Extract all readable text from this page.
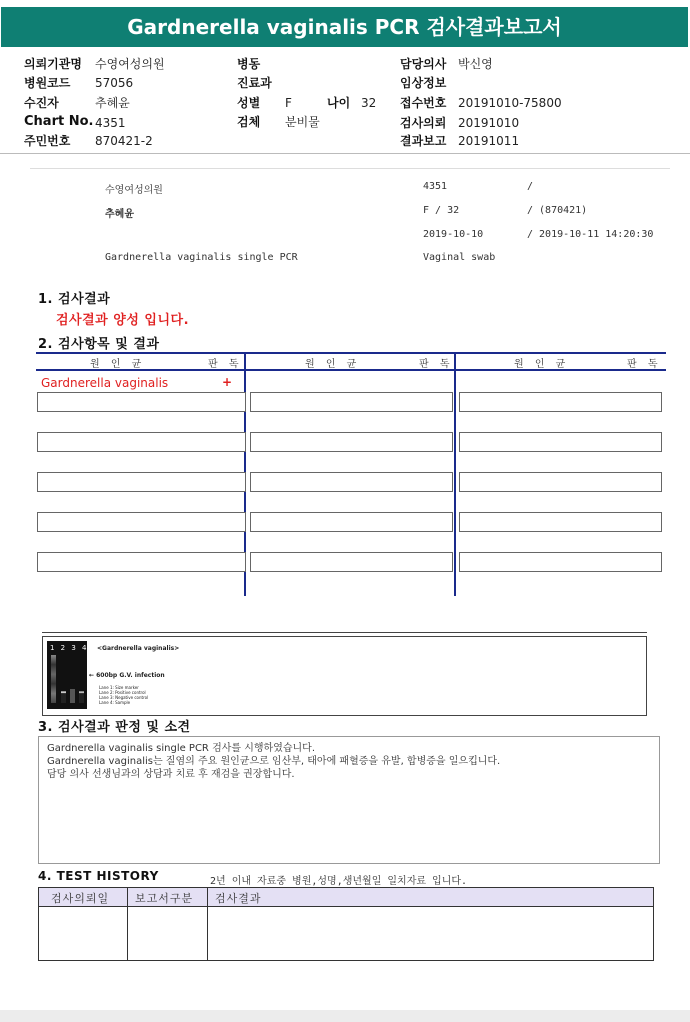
Gardnerella vaginalis PCR 검사결과보고서
의뢰기관명 수영여성의원
병원코드 57056
수진자	추혜윤
Chart No. 4351
주민번호 870421-2
병동
진료과
성별 F	나이 32
검체 분비물
담당의사 박신영
임상정보
접수번호 20191010-75800
검사의뢰 20191010
결과보고 20191011
수영여성의원	4351	/
추혜윤	F / 32	/ (870421)
2019-10-10	/ 2019-10-11 14:20:30
Gardnerella vaginalis single PCR	Vaginal swab
1. 검사결과
검사결과 양성 입니다.
2. 검사항목 및 결과
원 인 균	판 독	원 인 균	판 독	원 인 균	판 독
Gardnerella vaginalis	+
1 2 3 4 <Gardnerella vaginalis>
← 600bp G.V. infection
Lane 1: Size marker
Lane 2: Positive control
Lane 3: Negative control
Lane 4: Sample
3. 검사결과 판정 및 소견
Gardnerella vaginalis single PCR 검사를 시행하였습니다.
Gardnerella vaginalis는 질염의 주요 원인균으로 임산부, 태아에 패혈증을 유발, 합병증을 일으킵니다.
담당 의사 선생님과의 상담과 치료 후 재검을 권장합니다.
4. TEST HISTORY	2년 이내 자료중 병원,성명,생년월일 일치자료 입니다.
검사의뢰일 보고서구분 검사결과
